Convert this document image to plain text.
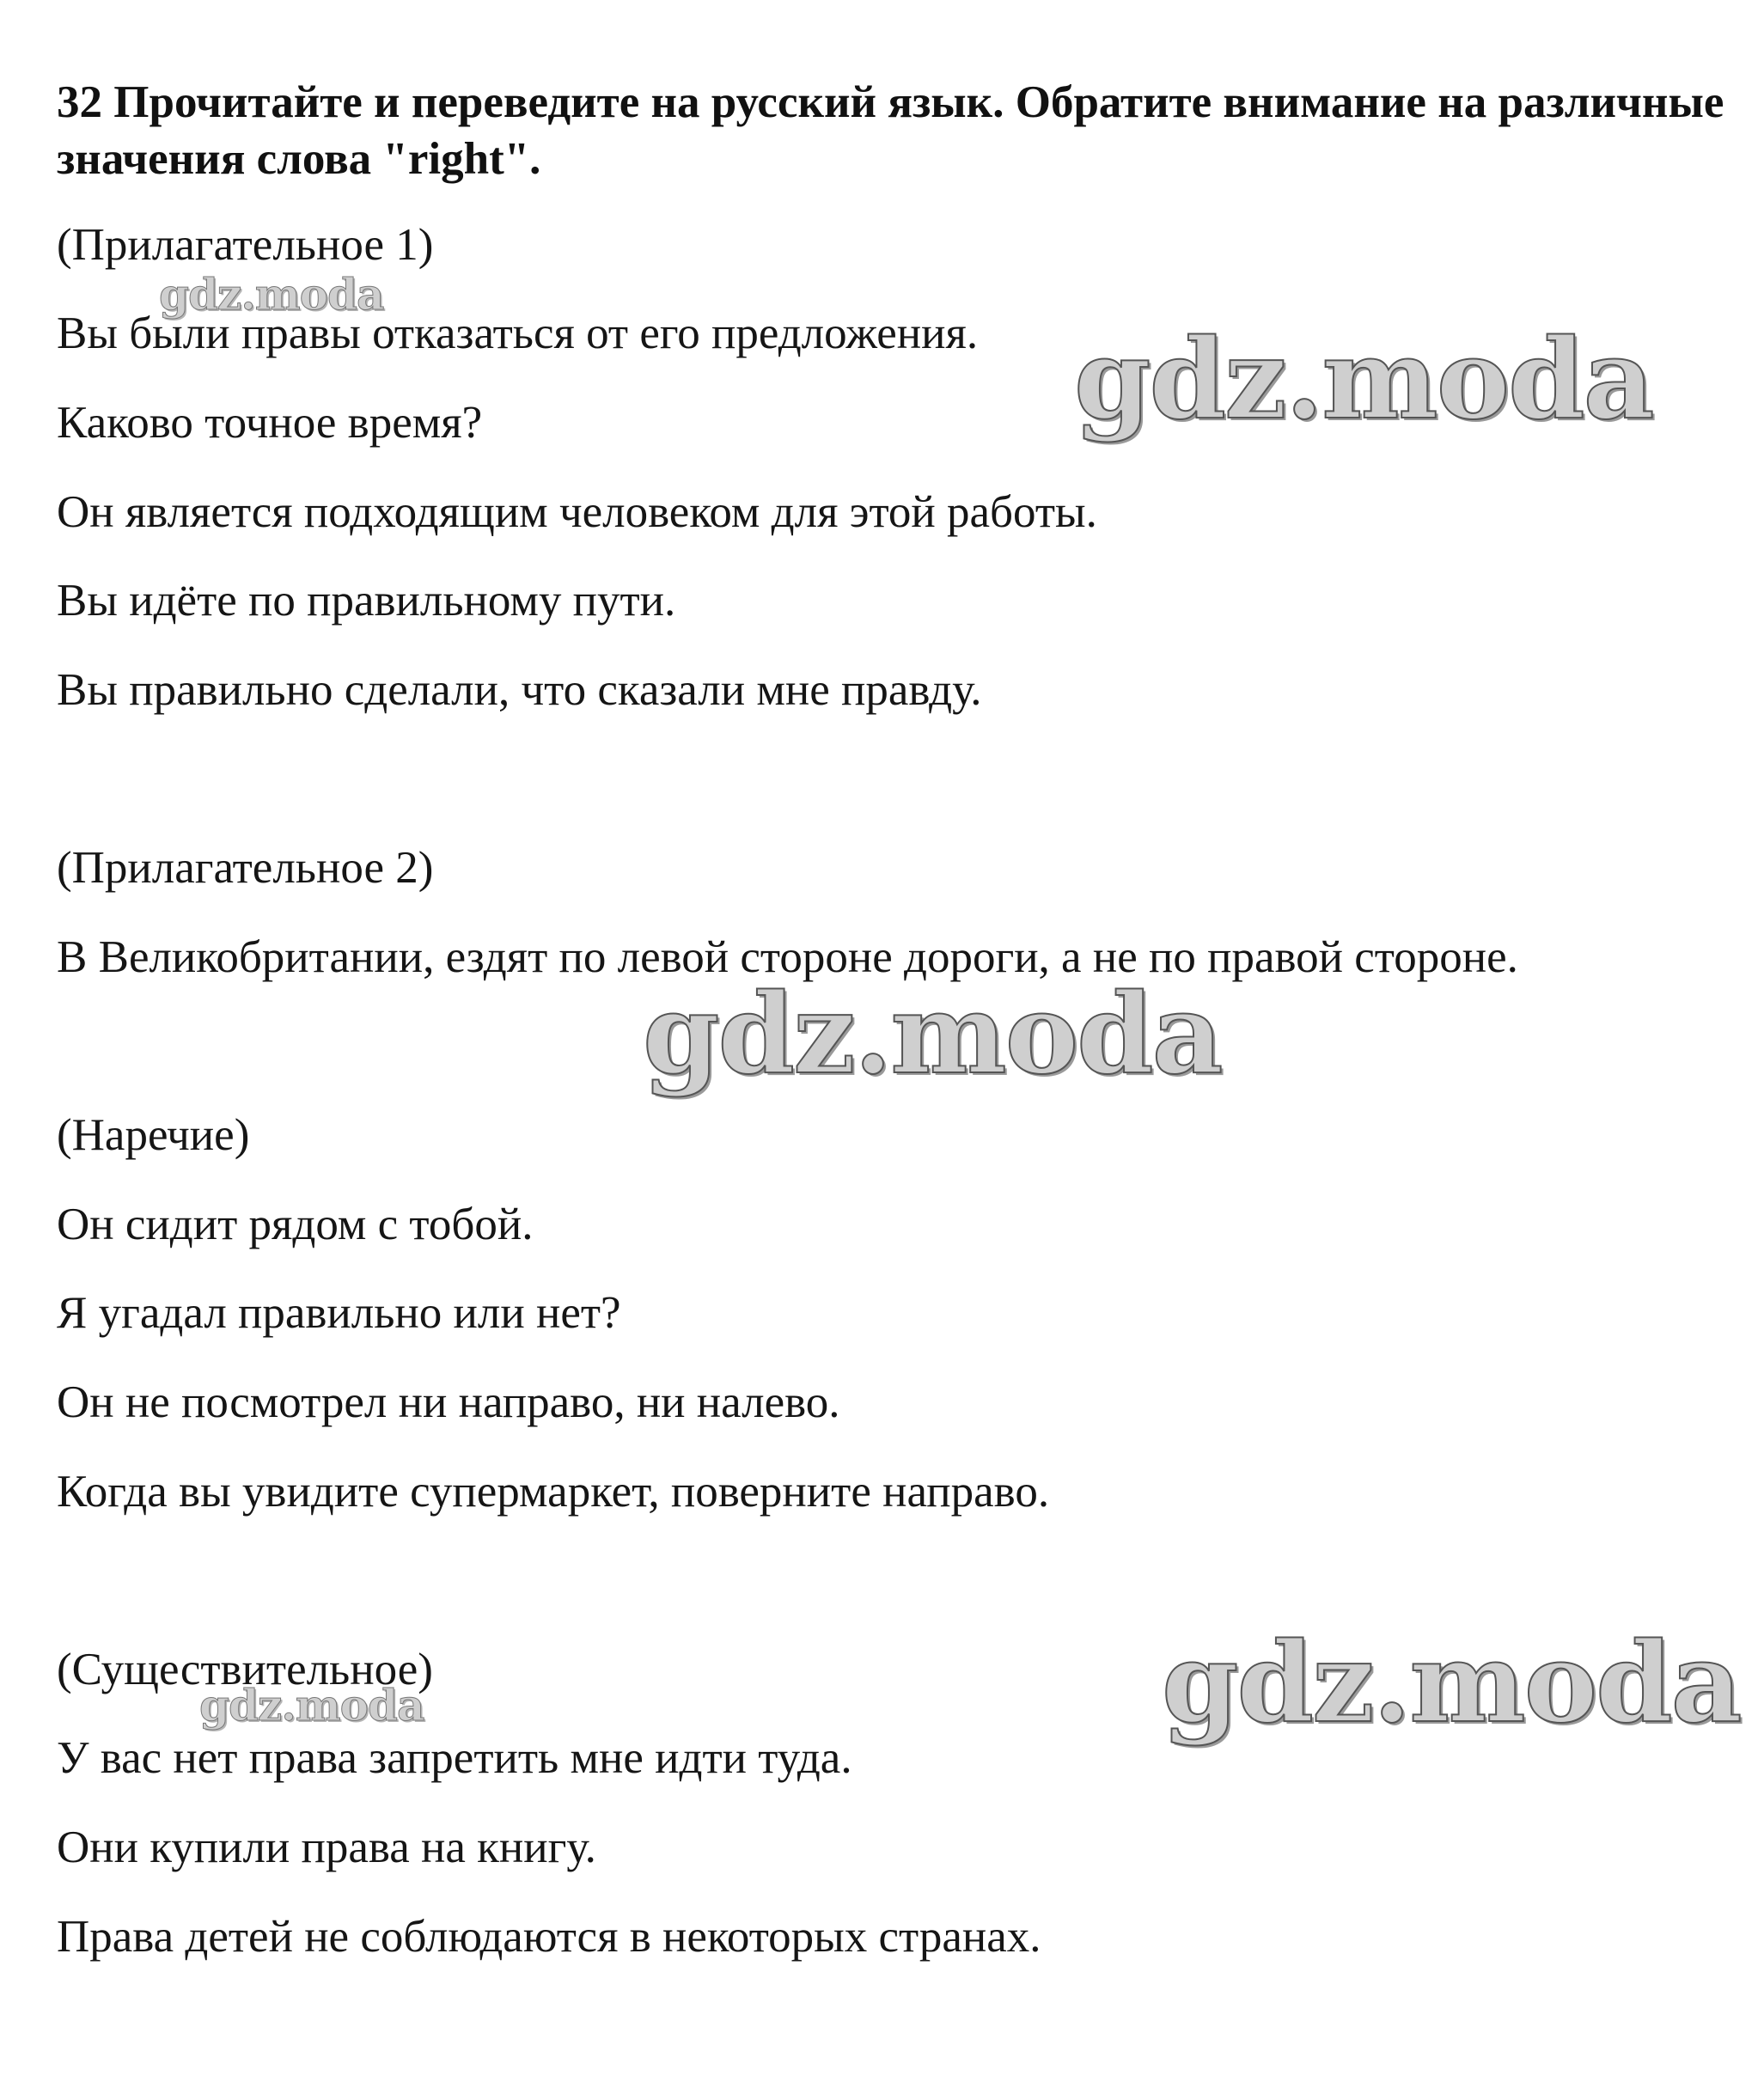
32 Прочитайте и переведите на русский язык. Обратите внимание на различные значения слова "right".

(Прилагательное 1)
Вы были правы отказаться от его предложения.
Каково точное время?
Он является подходящим человеком для этой работы.
Вы идёте по правильному пути.
Вы правильно сделали, что сказали мне правду.
(Прилагательное 2)
В Великобритании, ездят по левой стороне дороги, а не по правой стороне.
(Наречие)
Он сидит рядом с тобой.
Я угадал правильно или нет?
Он не посмотрел ни направо, ни налево.
Когда вы увидите супермаркет, поверните направо.
(Существительное)
У вас нет права запретить мне идти туда.
Они купили права на книгу.
Права детей не соблюдаются в некоторых странах.
gdz.moda
gdz.moda
gdz.moda
gdz.moda
gdz.moda
